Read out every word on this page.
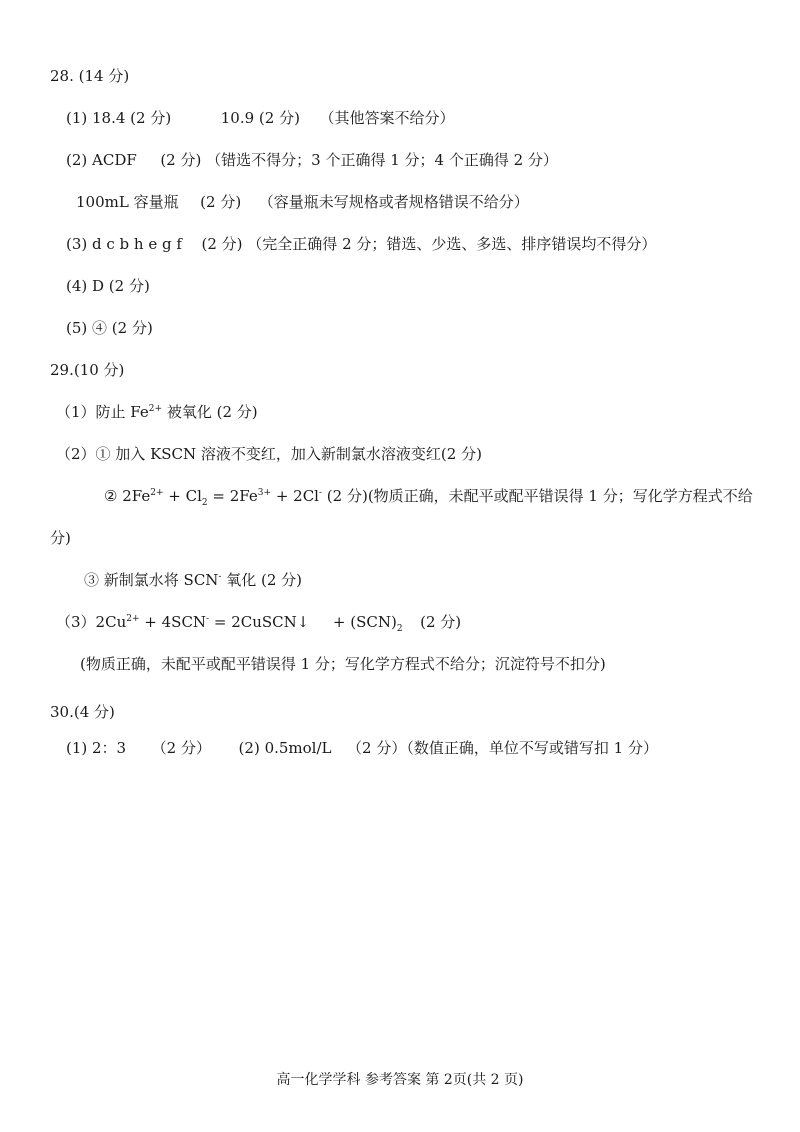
28. (14 分)
(1) 18.4 (2 分)	10.9 (2 分) （其他答案不给分）
(2) ACDF (2 分) （错选不得分；3 个正确得 1 分；4 个正确得 2 分）
100mL 容量瓶 (2 分) （容量瓶未写规格或者规格错误不给分）
(3) d c b h e g f (2 分) （完全正确得 2 分；错选、少选、多选、排序错误均不得分）
(4) D (2 分)
(5) ④ (2 分)
29.(10 分)
（1）防止 $Fe^{2+}$ 被氧化 (2 分)
（2）① 加入 KSCN 溶液不变红，加入新制氯水溶液变红(2 分)
② $2Fe^{2+} + Cl_2 = 2Fe^{3+} + 2Cl^-$ (2 分)(物质正确，未配平或配平错误得 1 分；写化学方程式不给
分)
③ 新制氯水将 SCN- 氧化 (2 分)
$(3)2Cu^{2+} + 4SCN^-$ = 2CuSCN↓ + $(SCN)_2$ (2 分)
(物质正确，未配平或配平错误得 1 分；写化学方程式不给分；沉淀符号不扣分)
30.(4 分)
(1) 2：3 （2 分） (2) 0.5mol/L （2 分）（数值正确，单位不写或错写扣 1 分）
高一化学学科 参考答案 第 2页(共 2 页)
